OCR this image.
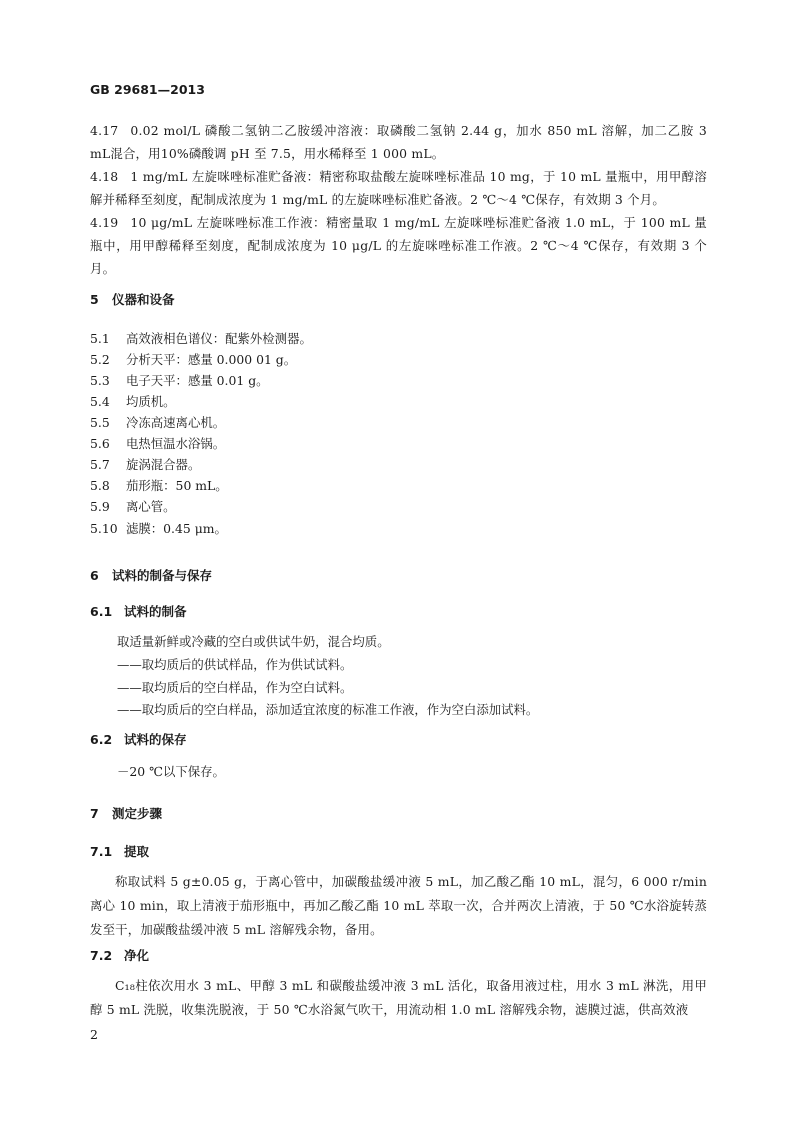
GB 29681—2013
4.17 0.02 mol/L 磷酸二氢钠二乙胺缓冲溶液：取磷酸二氢钠 2.44 g，加水 850 mL 溶解，加二乙胺 3 mL混合，用10%磷酸调 pH 至 7.5，用水稀释至 1 000 mL。
4.18 1 mg/mL 左旋咪唑标准贮备液：精密称取盐酸左旋咪唑标准品 10 mg，于 10 mL 量瓶中，用甲醇溶解并稀释至刻度，配制成浓度为 1 mg/mL 的左旋咪唑标准贮备液。2 ℃～4 ℃保存，有效期 3 个月。
4.19 10 μg/mL 左旋咪唑标准工作液：精密量取 1 mg/mL 左旋咪唑标准贮备液 1.0 mL，于 100 mL 量瓶中，用甲醇稀释至刻度，配制成浓度为 10 μg/L 的左旋咪唑标准工作液。2 ℃～4 ℃保存，有效期 3 个月。
5 仪器和设备
5.1 高效液相色谱仪：配紫外检测器。
5.2 分析天平：感量 0.000 01 g。
5.3 电子天平：感量 0.01 g。
5.4 均质机。
5.5 冷冻高速离心机。
5.6 电热恒温水浴锅。
5.7 旋涡混合器。
5.8 茄形瓶：50 mL。
5.9 离心管。
5.10 滤膜：0.45 μm。
6 试料的制备与保存
6.1 试料的制备
取适量新鲜或冷藏的空白或供试牛奶，混合均质。
——取均质后的供试样品，作为供试试料。
——取均质后的空白样品，作为空白试料。
——取均质后的空白样品，添加适宜浓度的标准工作液，作为空白添加试料。
6.2 试料的保存
－20 ℃以下保存。
7 测定步骤
7.1 提取
称取试料 5 g±0.05 g，于离心管中，加碳酸盐缓冲液 5 mL，加乙酸乙酯 10 mL，混匀，6 000 r/min 离心 10 min，取上清液于茄形瓶中，再加乙酸乙酯 10 mL 萃取一次，合并两次上清液，于 50 ℃水浴旋转蒸发至干，加碳酸盐缓冲液 5 mL 溶解残余物，备用。
7.2 净化
C₁₈柱依次用水 3 mL、甲醇 3 mL 和碳酸盐缓冲液 3 mL 活化，取备用液过柱，用水 3 mL 淋洗，用甲醇 5 mL 洗脱，收集洗脱液，于 50 ℃水浴氮气吹干，用流动相 1.0 mL 溶解残余物，滤膜过滤，供高效液
2
